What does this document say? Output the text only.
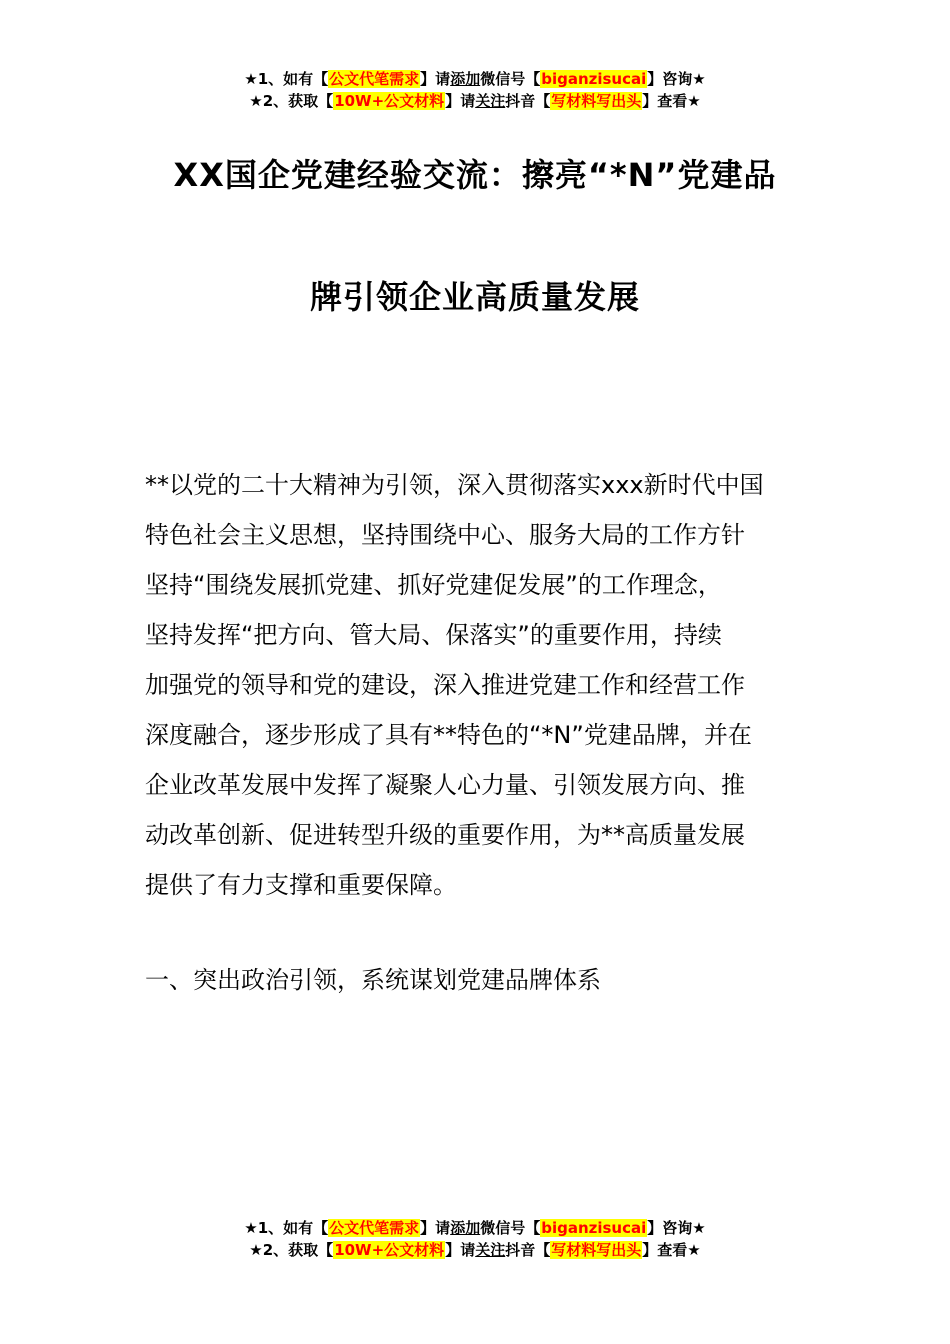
★1、如有【公文代笔需求】请添加微信号【biganzisucai】咨询★
★2、获取【10W+公文材料】请关注抖音【写材料写出头】查看★
XX国企党建经验交流：擦亮“*N”党建品
牌引领企业高质量发展
**以党的二十大精神为引领，深入贯彻落实xxx新时代中国
特色社会主义思想，坚持围绕中心、服务大局的工作方针
坚持“围绕发展抓党建、抓好党建促发展”的工作理念，
坚持发挥“把方向、管大局、保落实”的重要作用，持续
加强党的领导和党的建设，深入推进党建工作和经营工作
深度融合，逐步形成了具有**特色的“*N”党建品牌，并在
企业改革发展中发挥了凝聚人心力量、引领发展方向、推
动改革创新、促进转型升级的重要作用，为**高质量发展
提供了有力支撑和重要保障。
一、突出政治引领，系统谋划党建品牌体系
★1、如有【公文代笔需求】请添加微信号【biganzisucai】咨询★
★2、获取【10W+公文材料】请关注抖音【写材料写出头】查看★
